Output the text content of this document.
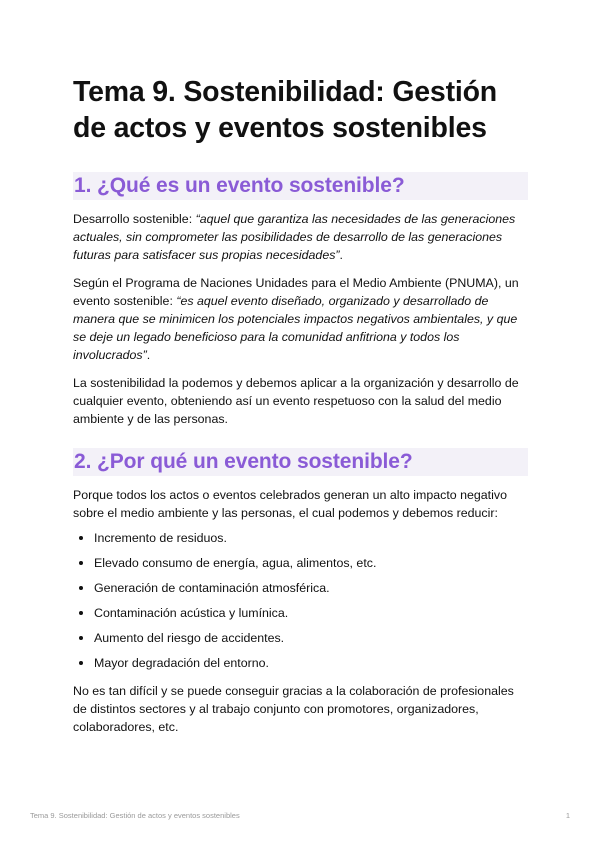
Tema 9. Sostenibilidad: Gestión de actos y eventos sostenibles
1. ¿Qué es un evento sostenible?

Desarrollo sostenible: “aquel que garantiza las necesidades de las generaciones actuales, sin comprometer las posibilidades de desarrollo de las generaciones futuras para satisfacer sus propias necesidades”.

Según el Programa de Naciones Unidades para el Medio Ambiente (PNUMA), un evento sostenible: “es aquel evento diseñado, organizado y desarrollado de manera que se minimicen los potenciales impactos negativos ambientales, y que se deje un legado beneficioso para la comunidad anfitriona y todos los involucrados”.

La sostenibilidad la podemos y debemos aplicar a la organización y desarrollo de cualquier evento, obteniendo así un evento respetuoso con la salud del medio ambiente y de las personas.

2. ¿Por qué un evento sostenible?

Porque todos los actos o eventos celebrados generan un alto impacto negativo sobre el medio ambiente y las personas, el cual podemos y debemos reducir:

Incremento de residuos.
Elevado consumo de energía, agua, alimentos, etc.
Generación de contaminación atmosférica.
Contaminación acústica y lumínica.
Aumento del riesgo de accidentes.
Mayor degradación del entorno.

No es tan difícil y se puede conseguir gracias a la colaboración de profesionales de distintos sectores y al trabajo conjunto con promotores, organizadores, colaboradores, etc.

Tema 9. Sostenibilidad: Gestión de actos y eventos sostenibles	1
